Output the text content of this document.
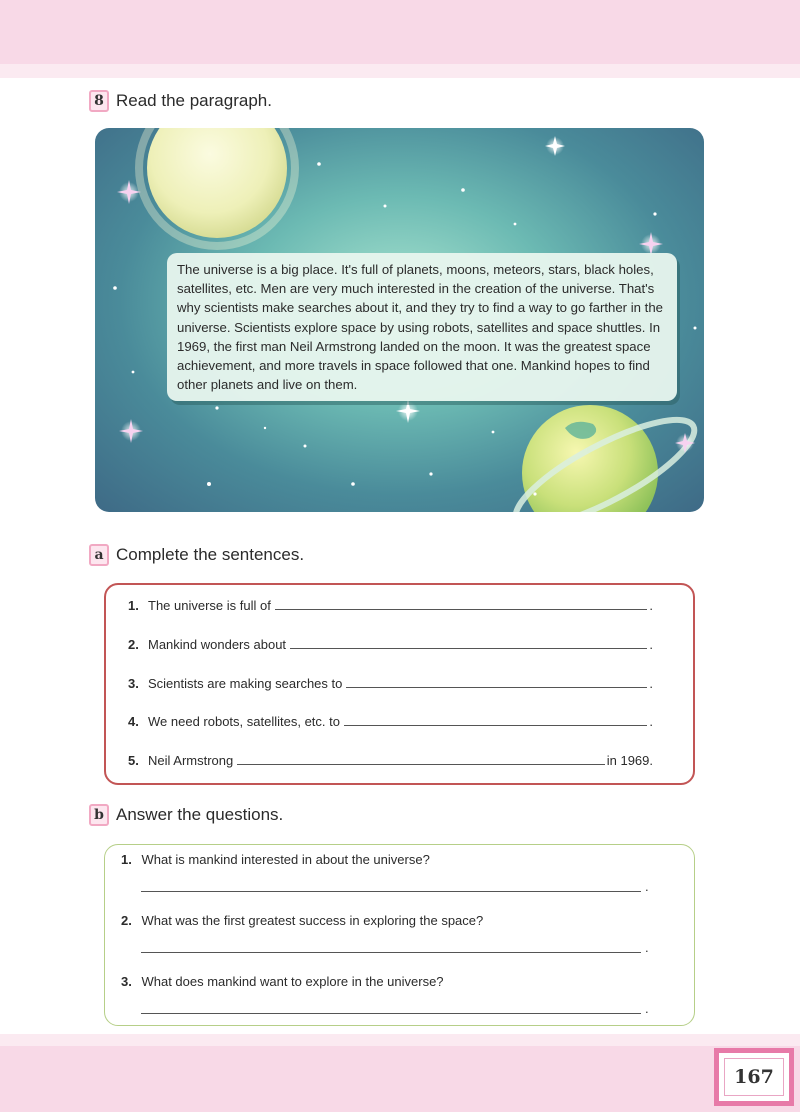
8 Read the paragraph.
The universe is a big place. It's full of planets, moons, meteors, stars, black holes, satellites, etc. Men are very much interested in the creation of the universe. That's why scientists make searches about it, and they try to find a way to go farther in the universe. Scientists explore space by using robots, satellites and space shuttles. In 1969, the first man Neil Armstrong landed on the moon. It was the greatest space achievement, and more travels in space followed that one. Mankind hopes to find other planets and live on them.
a Complete the sentences.
1. The universe is full of	.
2. Mankind wonders about	.
3. Scientists are making searches to	.
4. We need robots, satellites, etc. to	.
5. Neil Armstrong	in 1969.
b Answer the questions.
1. What is mankind interested in about the universe?
.
2. What was the first greatest success in exploring the space?
.
3. What does mankind want to explore in the universe?
.
167
